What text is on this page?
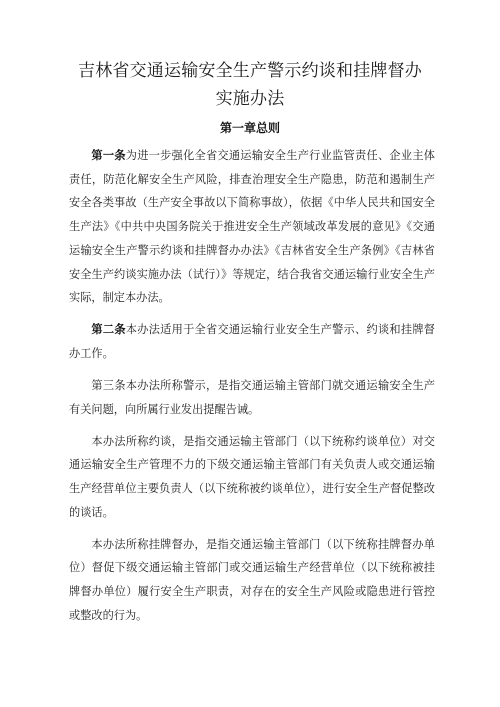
吉林省交通运输安全生产警示约谈和挂牌督办
实施办法
第一章总则

第一条为进一步强化全省交通运输安全生产行业监管责任、企业主体责任，防范化解安全生产风险，排查治理安全生产隐患，防范和遏制生产安全各类事故（生产安全事故以下简称事故），依据《中华人民共和国安全生产法》《中共中央国务院关于推进安全生产领域改革发展的意见》《交通运输安全生产警示约谈和挂牌督办办法》《吉林省安全生产条例》《吉林省安全生产约谈实施办法（试行）》等规定，结合我省交通运输行业安全生产实际，制定本办法。

第二条本办法适用于全省交通运输行业安全生产警示、约谈和挂牌督办工作。

第三条本办法所称警示，是指交通运输主管部门就交通运输安全生产有关问题，向所属行业发出提醒告诫。

本办法所称约谈，是指交通运输主管部门（以下统称约谈单位）对交通运输安全生产管理不力的下级交通运输主管部门有关负责人或交通运输生产经营单位主要负责人（以下统称被约谈单位），进行安全生产督促整改的谈话。

本办法所称挂牌督办，是指交通运输主管部门（以下统称挂牌督办单位）督促下级交通运输主管部门或交通运输生产经营单位（以下统称被挂牌督办单位）履行安全生产职责，对存在的安全生产风险或隐患进行管控或整改的行为。
